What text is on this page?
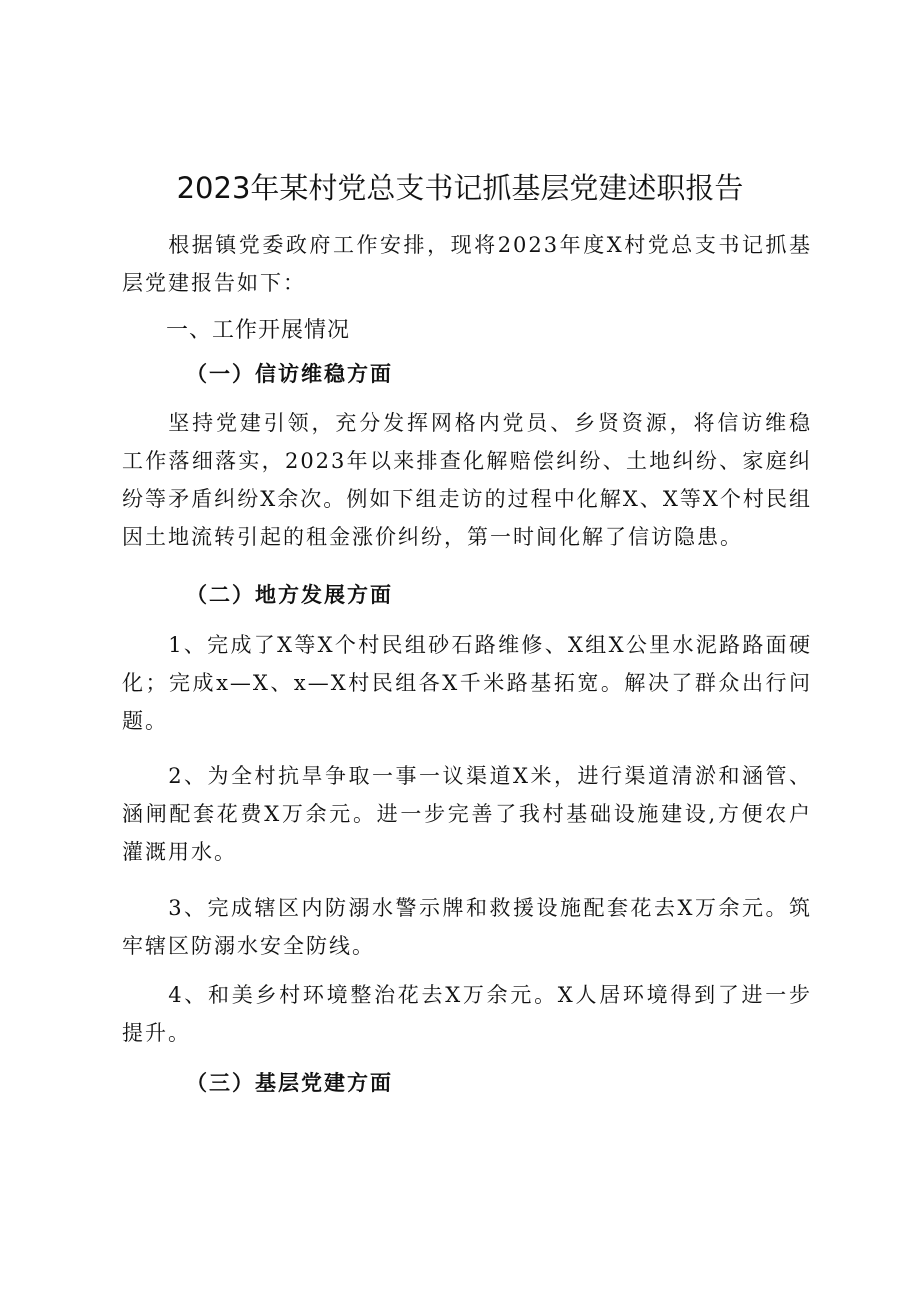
2023年某村党总支书记抓基层党建述职报告

根据镇党委政府工作安排，现将2023年度X村党总支书记抓基层党建报告如下：

一、工作开展情况

（一）信访维稳方面

坚持党建引领，充分发挥网格内党员、乡贤资源，将信访维稳工作落细落实，2023年以来排查化解赔偿纠纷、土地纠纷、家庭纠纷等矛盾纠纷X余次。例如下组走访的过程中化解X、X等X个村民组因土地流转引起的租金涨价纠纷，第一时间化解了信访隐患。

（二）地方发展方面

1、完成了X等X个村民组砂石路维修、X组X公里水泥路路面硬化；完成x—X、x—X村民组各X千米路基拓宽。解决了群众出行问题。

2、为全村抗旱争取一事一议渠道X米，进行渠道清淤和涵管、涵闸配套花费X万余元。进一步完善了我村基础设施建设,方便农户灌溉用水。

3、完成辖区内防溺水警示牌和救援设施配套花去X万余元。筑牢辖区防溺水安全防线。

4、和美乡村环境整治花去X万余元。X人居环境得到了进一步提升。

（三）基层党建方面
